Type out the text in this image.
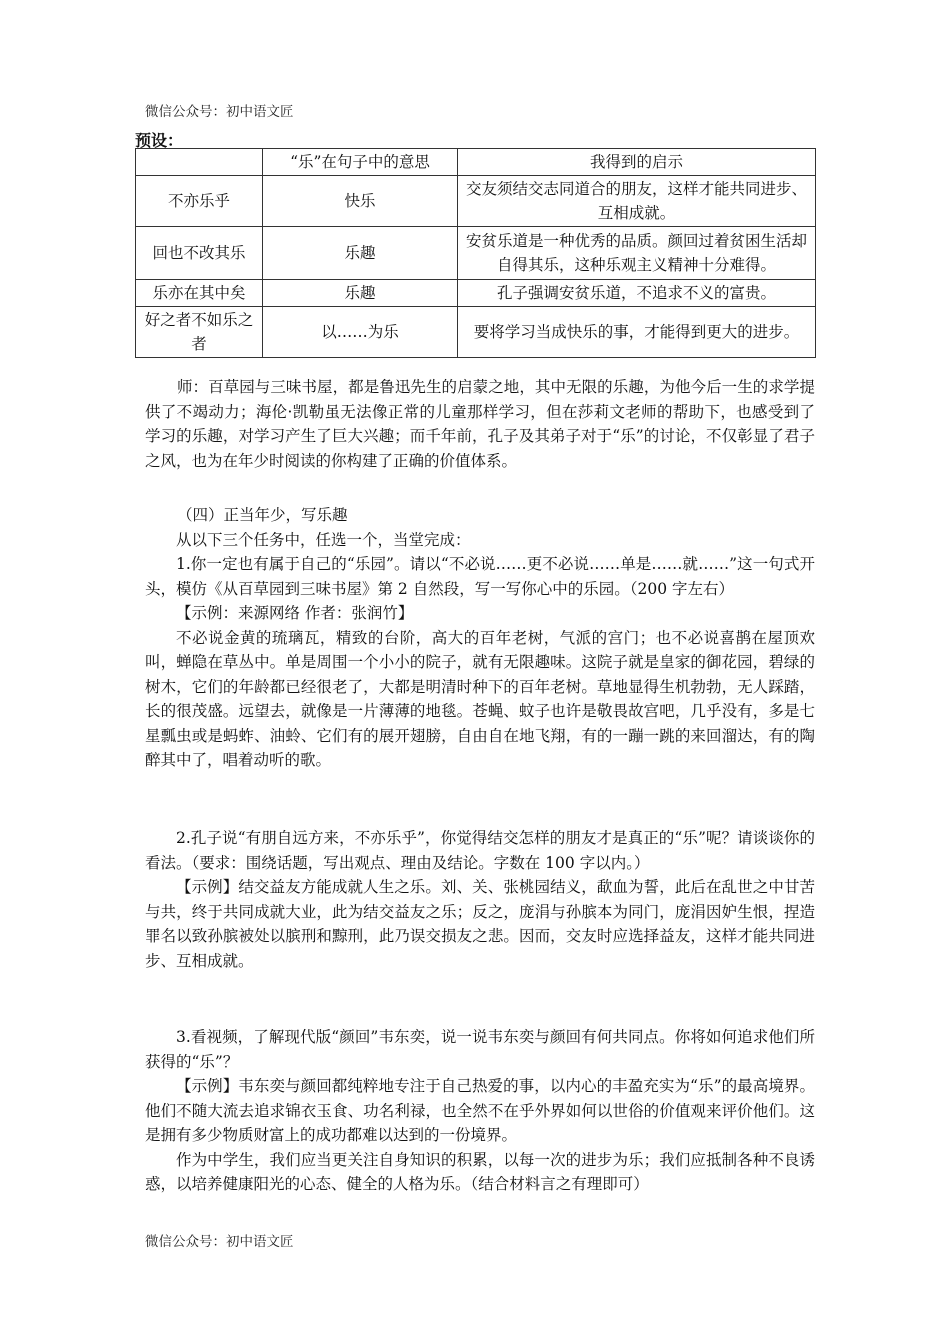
微信公众号：初中语文匠
预设：
	“乐”在句子中的意思	我得到的启示
不亦乐乎	快乐	交友须结交志同道合的朋友，这样才能共同进步、互相成就。
回也不改其乐	乐趣	安贫乐道是一种优秀的品质。颜回过着贫困生活却自得其乐，这种乐观主义精神十分难得。
乐亦在其中矣	乐趣	孔子强调安贫乐道，不追求不义的富贵。
好之者不如乐之者	以……为乐	要将学习当成快乐的事，才能得到更大的进步。

师：百草园与三味书屋，都是鲁迅先生的启蒙之地，其中无限的乐趣，为他今后一生的求学提供了不竭动力；海伦·凯勒虽无法像正常的儿童那样学习，但在莎莉文老师的帮助下，也感受到了学习的乐趣，对学习产生了巨大兴趣；而千年前，孔子及其弟子对于“乐”的讨论，不仅彰显了君子之风，也为在年少时阅读的你构建了正确的价值体系。

（四）正当年少，写乐趣

从以下三个任务中，任选一个，当堂完成：

1.你一定也有属于自己的“乐园”。请以“不必说……更不必说……单是……就……”这一句式开头，模仿《从百草园到三味书屋》第 2 自然段，写一写你心中的乐园。（200 字左右）

【示例：来源网络 作者：张润竹】

不必说金黄的琉璃瓦，精致的台阶，高大的百年老树，气派的宫门；也不必说喜鹊在屋顶欢叫，蝉隐在草丛中。单是周围一个小小的院子，就有无限趣味。这院子就是皇家的御花园，碧绿的树木，它们的年龄都已经很老了，大都是明清时种下的百年老树。草地显得生机勃勃，无人踩踏，长的很茂盛。远望去，就像是一片薄薄的地毯。苍蝇、蚊子也许是敬畏故宫吧，几乎没有，多是七星瓢虫或是蚂蚱、油蛉、它们有的展开翅膀，自由自在地飞翔，有的一蹦一跳的来回溜达，有的陶醉其中了，唱着动听的歌。

2.孔子说“有朋自远方来，不亦乐乎”，你觉得结交怎样的朋友才是真正的“乐”呢？请谈谈你的看法。（要求：围绕话题，写出观点、理由及结论。字数在 100 字以内。）

【示例】结交益友方能成就人生之乐。刘、关、张桃园结义，歃血为誓，此后在乱世之中甘苦与共，终于共同成就大业，此为结交益友之乐；反之，庞涓与孙膑本为同门，庞涓因妒生恨，捏造罪名以致孙膑被处以膑刑和黥刑，此乃误交损友之悲。因而，交友时应选择益友，这样才能共同进步、互相成就。

3.看视频，了解现代版“颜回”韦东奕，说一说韦东奕与颜回有何共同点。你将如何追求他们所获得的“乐”？

【示例】韦东奕与颜回都纯粹地专注于自己热爱的事，以内心的丰盈充实为“乐”的最高境界。他们不随大流去追求锦衣玉食、功名利禄，也全然不在乎外界如何以世俗的价值观来评价他们。这是拥有多少物质财富上的成功都难以达到的一份境界。

作为中学生，我们应当更关注自身知识的积累，以每一次的进步为乐；我们应抵制各种不良诱惑，以培养健康阳光的心态、健全的人格为乐。（结合材料言之有理即可）

微信公众号：初中语文匠
